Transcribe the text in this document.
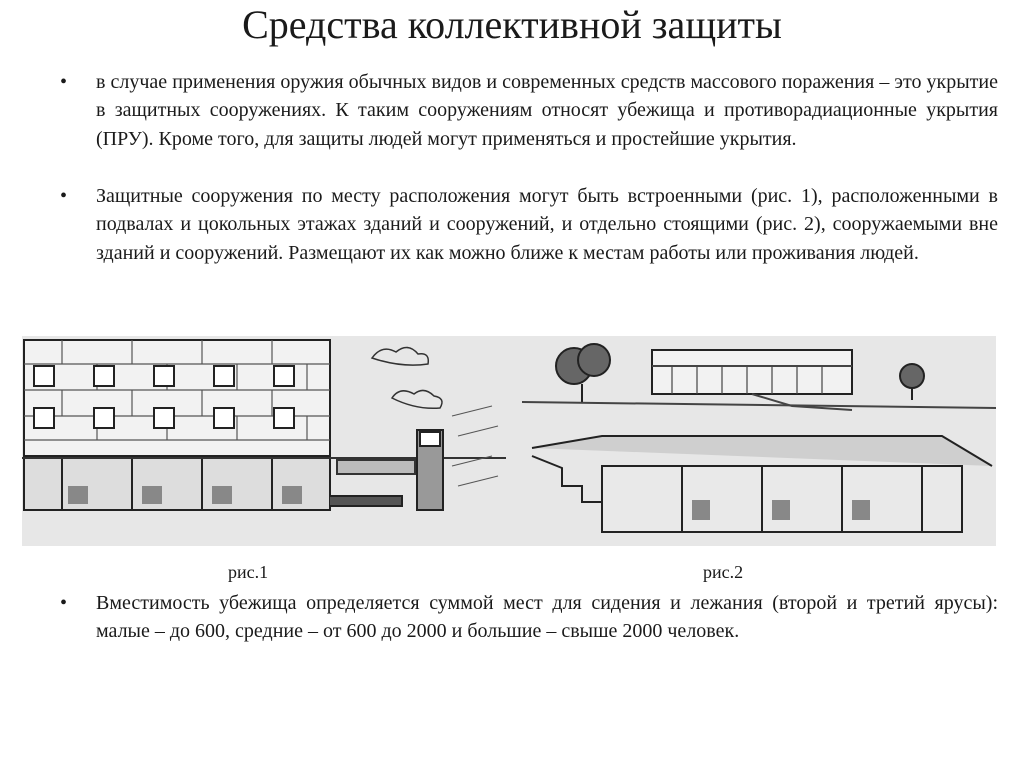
Средства коллективной защиты
• в случае применения оружия обычных видов и современных средств массового поражения – это укрытие в защитных сооружениях. К таким сооружениям относят убежища и противорадиационные укрытия (ПРУ). Кроме того, для защиты людей могут применяться и простейшие укрытия.

• Защитные сооружения по месту расположения могут быть встроенными (рис. 1), расположенными в подвалах и цокольных этажах зданий и сооружений, и отдельно стоящими (рис. 2), сооружаемыми вне зданий и сооружений. Размещают их как можно ближе к местам работы или проживания людей.

рис.1	рис.2
• Вместимость убежища определяется суммой мест для сидения и лежания (второй и третий ярусы): малые – до 600, средние – от 600 до 2000 и большие – свыше 2000 человек.
